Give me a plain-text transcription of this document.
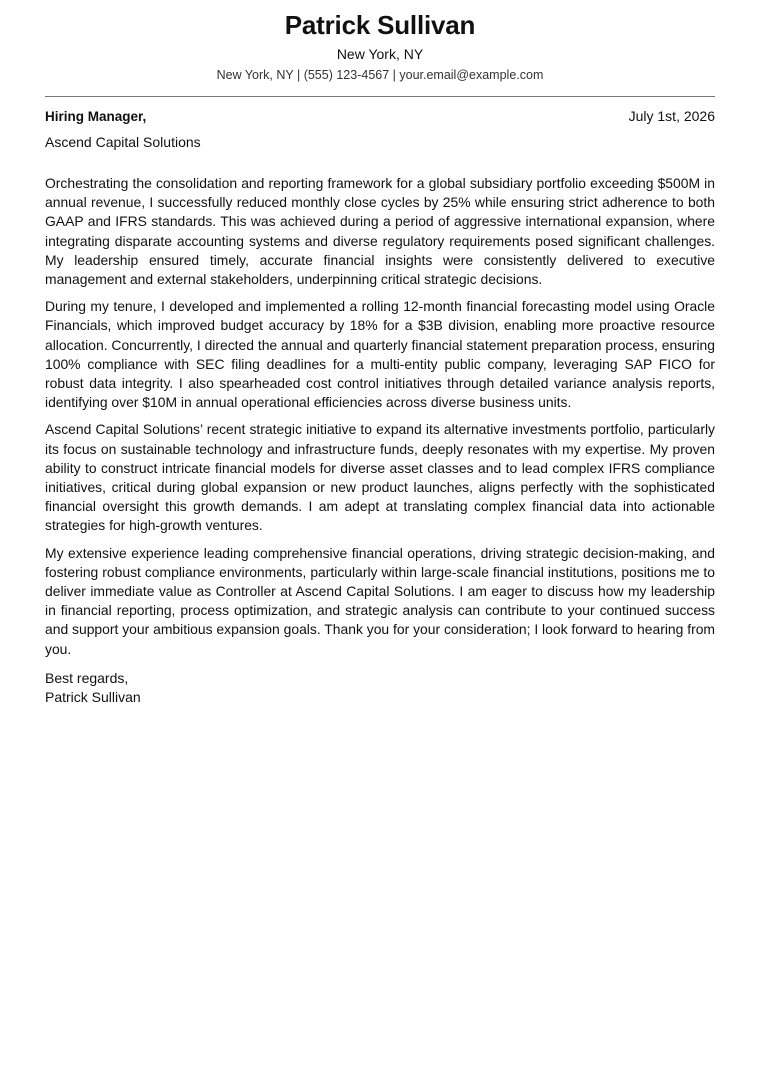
Patrick Sullivan
New York, NY
New York, NY | (555) 123-4567 | your.email@example.com
Hiring Manager,	July 1st, 2026
Ascend Capital Solutions

Orchestrating the consolidation and reporting framework for a global subsidiary portfolio exceeding $500M in annual revenue, I successfully reduced monthly close cycles by 25% while ensuring strict adherence to both GAAP and IFRS standards. This was achieved during a period of aggressive international expansion, where integrating disparate accounting systems and diverse regulatory requirements posed significant challenges. My leadership ensured timely, accurate financial insights were consistently delivered to executive management and external stakeholders, underpinning critical strategic decisions.

During my tenure, I developed and implemented a rolling 12-month financial forecasting model using Oracle Financials, which improved budget accuracy by 18% for a $3B division, enabling more proactive resource allocation. Concurrently, I directed the annual and quarterly financial statement preparation process, ensuring 100% compliance with SEC filing deadlines for a multi-entity public company, leveraging SAP FICO for robust data integrity. I also spearheaded cost control initiatives through detailed variance analysis reports, identifying over $10M in annual operational efficiencies across diverse business units.

Ascend Capital Solutions’ recent strategic initiative to expand its alternative investments portfolio, particularly its focus on sustainable technology and infrastructure funds, deeply resonates with my expertise. My proven ability to construct intricate financial models for diverse asset classes and to lead complex IFRS compliance initiatives, critical during global expansion or new product launches, aligns perfectly with the sophisticated financial oversight this growth demands. I am adept at translating complex financial data into actionable strategies for high-growth ventures.

My extensive experience leading comprehensive financial operations, driving strategic decision-making, and fostering robust compliance environments, particularly within large-scale financial institutions, positions me to deliver immediate value as Controller at Ascend Capital Solutions. I am eager to discuss how my leadership in financial reporting, process optimization, and strategic analysis can contribute to your continued success and support your ambitious expansion goals. Thank you for your consideration; I look forward to hearing from you.

Best regards,
Patrick Sullivan
